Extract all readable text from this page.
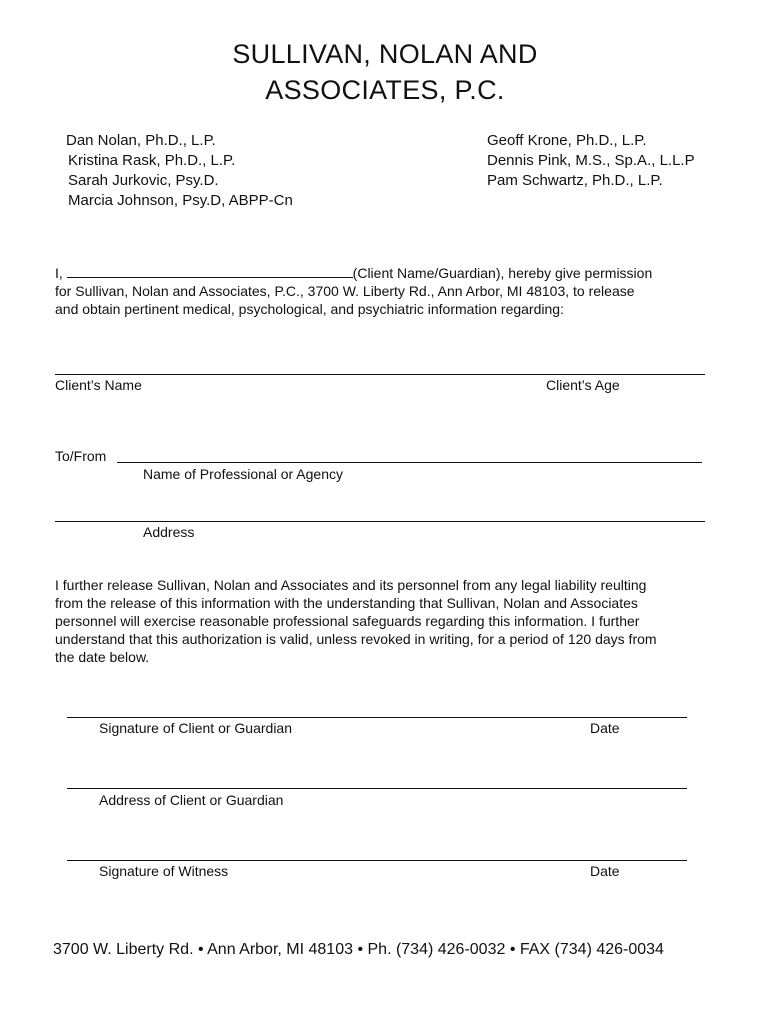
SULLIVAN, NOLAN AND
ASSOCIATES, P.C.
Dan Nolan, Ph.D., L.P.
Kristina Rask, Ph.D., L.P.
Sarah Jurkovic, Psy.D.
Marcia Johnson, Psy.D, ABPP-Cn
Geoff Krone, Ph.D., L.P.
Dennis Pink, M.S., Sp.A., L.L.P
Pam Schwartz, Ph.D., L.P.
I,	(Client Name/Guardian), hereby give permission
for Sullivan, Nolan and Associates, P.C., 3700 W. Liberty Rd., Ann Arbor, MI 48103, to release
and obtain pertinent medical, psychological, and psychiatric information regarding:
Client’s Name	Client’s Age
To/From
Name of Professional or Agency
Address
I further release Sullivan, Nolan and Associates and its personnel from any legal liability reulting
from the release of this information with the understanding that Sullivan, Nolan and Associates
personnel will exercise reasonable professional safeguards regarding this information. I further
understand that this authorization is valid, unless revoked in writing, for a period of 120 days from
the date below.
Signature of Client or Guardian	Date
Address of Client or Guardian
Signature of Witness	Date
3700 W. Liberty Rd. • Ann Arbor, MI 48103 • Ph. (734) 426-0032 • FAX (734) 426-0034
